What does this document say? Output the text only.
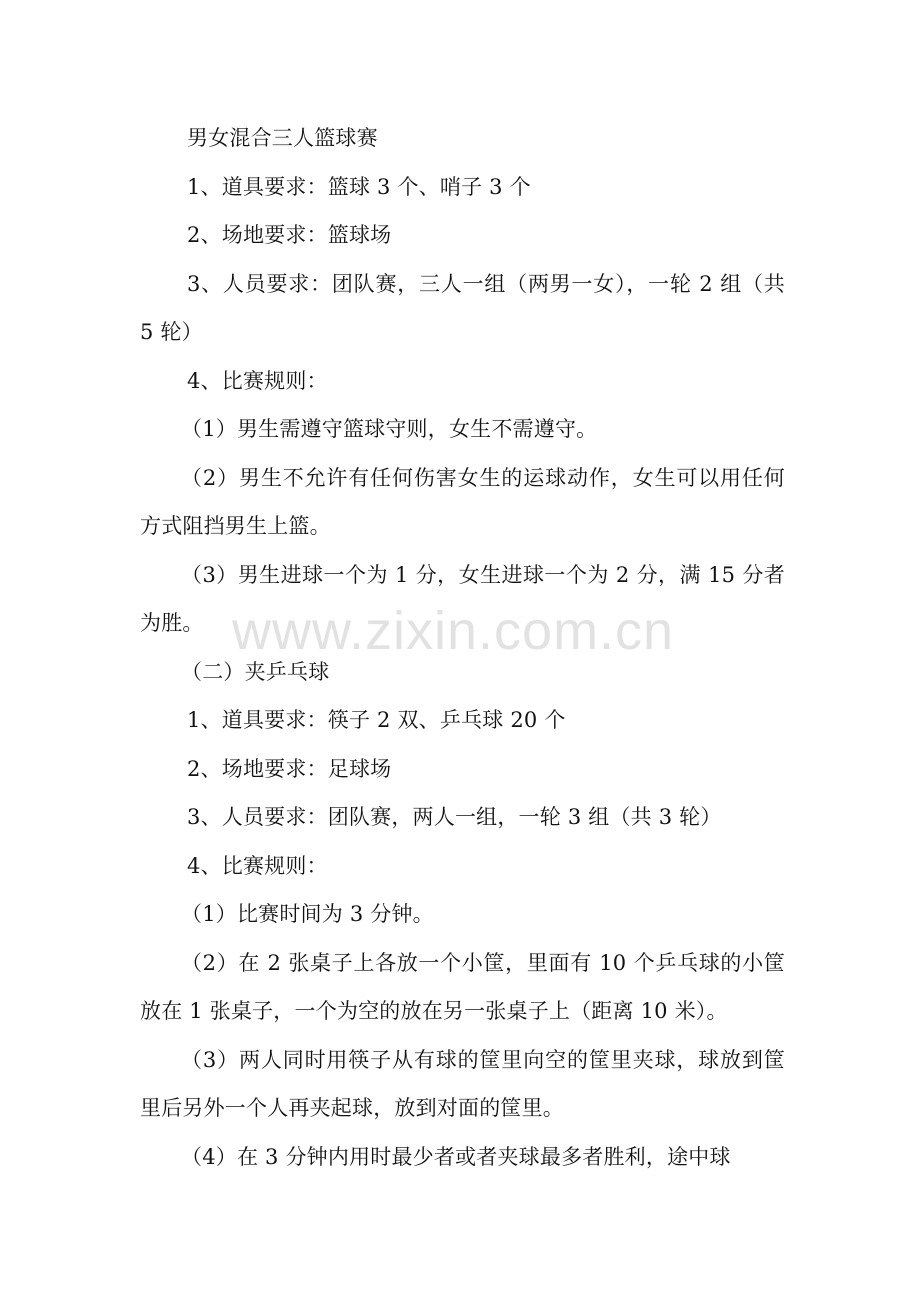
男女混合三人篮球赛

1、道具要求：篮球 3 个、哨子 3 个

2、场地要求：篮球场

3、人员要求：团队赛，三人一组（两男一女），一轮 2 组（共 5 轮）

4、比赛规则：

（1）男生需遵守篮球守则，女生不需遵守。

（2）男生不允许有任何伤害女生的运球动作，女生可以用任何方式阻挡男生上篮。

（3）男生进球一个为 1 分，女生进球一个为 2 分，满 15 分者为胜。

（二）夹乒乓球

1、道具要求：筷子 2 双、乒乓球 20 个

2、场地要求：足球场

3、人员要求：团队赛，两人一组，一轮 3 组（共 3 轮）

4、比赛规则：

（1）比赛时间为 3 分钟。

（2）在 2 张桌子上各放一个小筐，里面有 10 个乒乓球的小筐放在 1 张桌子，一个为空的放在另一张桌子上（距离 10 米）。

（3）两人同时用筷子从有球的筐里向空的筐里夹球，球放到筐里后另外一个人再夹起球，放到对面的筐里。

（4）在 3 分钟内用时最少者或者夹球最多者胜利，途中球

www.zixin.com.cn
